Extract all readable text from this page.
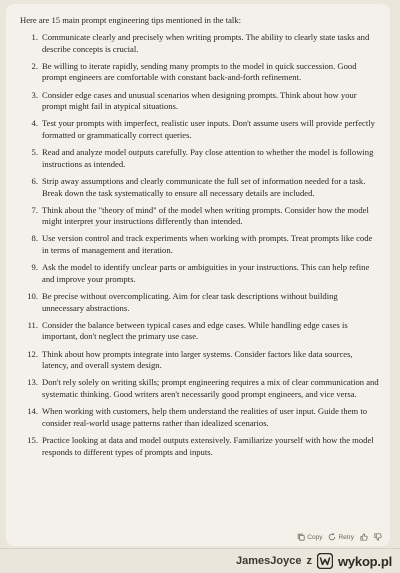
Here are 15 main prompt engineering tips mentioned in the talk:

1. Communicate clearly and precisely when writing prompts. The ability to clearly state tasks and describe concepts is crucial.
2. Be willing to iterate rapidly, sending many prompts to the model in quick succession. Good prompt engineers are comfortable with constant back-and-forth refinement.
3. Consider edge cases and unusual scenarios when designing prompts. Think about how your prompt might fail in atypical situations.
4. Test your prompts with imperfect, realistic user inputs. Don't assume users will provide perfectly formatted or grammatically correct queries.
5. Read and analyze model outputs carefully. Pay close attention to whether the model is following instructions as intended.
6. Strip away assumptions and clearly communicate the full set of information needed for a task. Break down the task systematically to ensure all necessary details are included.
7. Think about the "theory of mind" of the model when writing prompts. Consider how the model might interpret your instructions differently than intended.
8. Use version control and track experiments when working with prompts. Treat prompts like code in terms of management and iteration.
9. Ask the model to identify unclear parts or ambiguities in your instructions. This can help refine and improve your prompts.
10. Be precise without overcomplicating. Aim for clear task descriptions without building unnecessary abstractions.
11. Consider the balance between typical cases and edge cases. While handling edge cases is important, don't neglect the primary use case.
12. Think about how prompts integrate into larger systems. Consider factors like data sources, latency, and overall system design.
13. Don't rely solely on writing skills; prompt engineering requires a mix of clear communication and systematic thinking. Good writers aren't necessarily good prompt engineers, and vice versa.
14. When working with customers, help them understand the realities of user input. Guide them to consider real-world usage patterns rather than idealized scenarios.
15. Practice looking at data and model outputs extensively. Familiarize yourself with how the model responds to different types of prompts and inputs.
Copy Retry
JamesJoyce z wykop.pl
